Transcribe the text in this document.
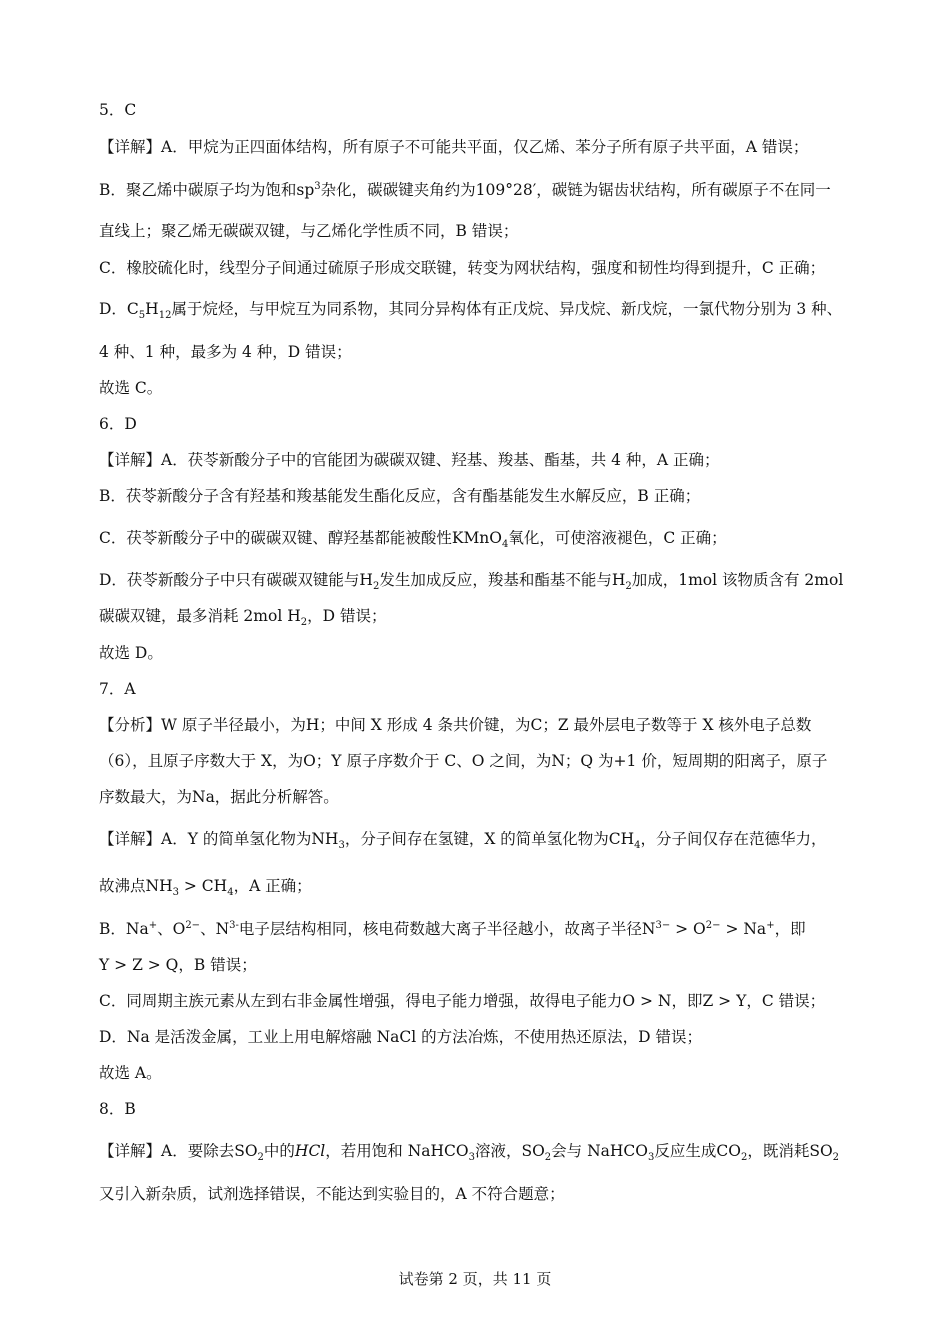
5．C
【详解】A．甲烷为正四面体结构，所有原子不可能共平面，仅乙烯、苯分子所有原子共平面，A 错误；
B．聚乙烯中碳原子均为饱和$sp^3$杂化，碳碳键夹角约为109°28′，碳链为锯齿状结构，所有碳原子不在同一
直线上；聚乙烯无碳碳双键，与乙烯化学性质不同，B 错误；
C．橡胶硫化时，线型分子间通过硫原子形成交联键，转变为网状结构，强度和韧性均得到提升，C 正确；
D．$C_5H_{12}$属于烷烃，与甲烷互为同系物，其同分异构体有正戊烷、异戊烷、新戊烷，一氯代物分别为 3 种、
4 种、1 种，最多为 4 种，D 错误；
故选 C。
6．D
【详解】A．茯苓新酸分子中的官能团为碳碳双键、羟基、羧基、酯基，共 4 种，A 正确；
B．茯苓新酸分子含有羟基和羧基能发生酯化反应，含有酯基能发生水解反应，B 正确；
C．茯苓新酸分子中的碳碳双键、醇羟基都能被酸性KMnO$_4$氧化，可使溶液褪色，C 正确；
D．茯苓新酸分子中只有碳碳双键能与$H_2$发生加成反应，羧基和酯基不能与$H_2$加成，1mol 该物质含有 2mol
碳碳双键，最多消耗 2mol $H_2$，D 错误；
故选 D。
7．A
【分析】W 原子半径最小，为H；中间 X 形成 4 条共价键，为C；Z 最外层电子数等于 X 核外电子总数
（6），且原子序数大于 X，为O；Y 原子序数介于 C、O 之间，为N；Q 为+1 价，短周期的阳离子，原子
序数最大，为Na，据此分析解答。
【详解】A．Y 的简单氢化物为$NH_3$，分子间存在氢键，X 的简单氢化物为$CH_4$，分子间仅存在范德华力，
故沸点$NH_3 > CH_4$，A 正确；
B．Na+、$O^{2-}$、$N^{3-}$电子层结构相同，核电荷数越大离子半径越小，故离子半径$N^{3-} > O^{2-} > Na^+$，即
Y > Z > Q，B 错误；
C．同周期主族元素从左到右非金属性增强，得电子能力增强，故得电子能力O > N，即Z > Y，C 错误；
D．Na 是活泼金属，工业上用电解熔融 NaCl 的方法冶炼，不使用热还原法，D 错误；
故选 A。
8．B
【详解】A．要除去$SO_2$中的HCl，若用饱和 NaHCO$_3$溶液，$SO_2$会与 NaHCO$_3$反应生成$CO_2$，既消耗$SO_2$
又引入新杂质，试剂选择错误，不能达到实验目的，A 不符合题意；
试卷第 2 页，共 11 页
